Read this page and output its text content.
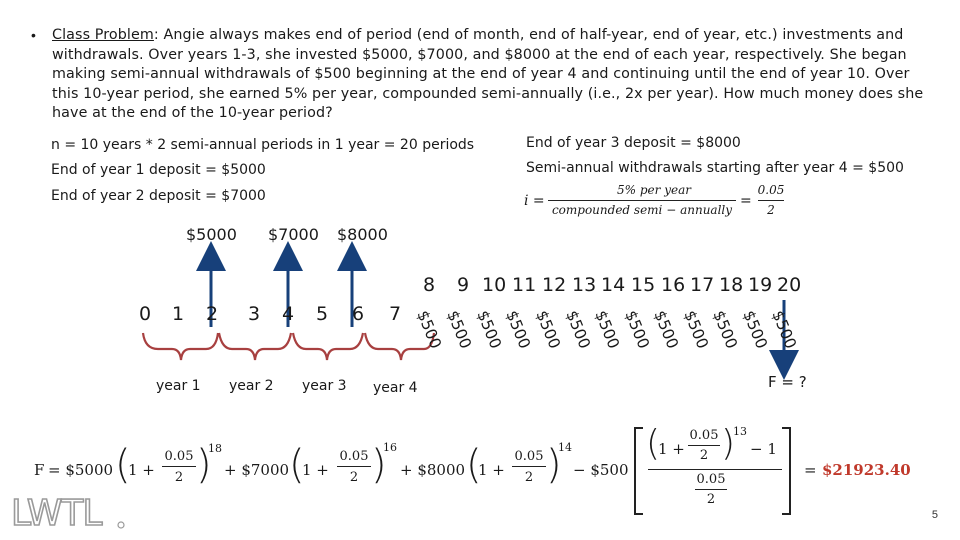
• Class Problem: Angie always makes end of period (end of month, end of half-year, end of year, etc.) investments and withdrawals. Over years 1-3, she invested $5000, $7000, and $8000 at the end of each year, respectively. She began making semi-annual withdrawals of $500 beginning at the end of year 4 and continuing until the end of year 10. Over this 10-year period, she earned 5% per year, compounded semi-annually (i.e., 2x per year). How much money does she have at the end of the 10-year period?
n = 10 years * 2 semi-annual periods in 1 year = 20 periods
End of year 1 deposit = $5000
End of year 2 deposit = $7000
End of year 3 deposit = $8000
Semi-annual withdrawals starting after year 4 = $500
i =
5% per year
compounded semi − annually
=
0.05
2
$5000 $7000 $8000
0 1 2 3 4 5 6 7
8 9 10 11 12 13 14 15 16 17 18 19 20
$500
$500
$500
$500
$500
$500
$500
$500
$500
$500
$500
$500
$500
year 1 year 2 year 3 year 4	F = ?
F = $5000 (
1 +
0.05
2 )
18
+ $7000 (
1 +
0.05
2 )
16
+ $8000 (
1 +
0.05
2 )
14
− $500
(
1 +
0.05
2 )
13
− 1
0.05
2
= $21923.40
LWTL	5
